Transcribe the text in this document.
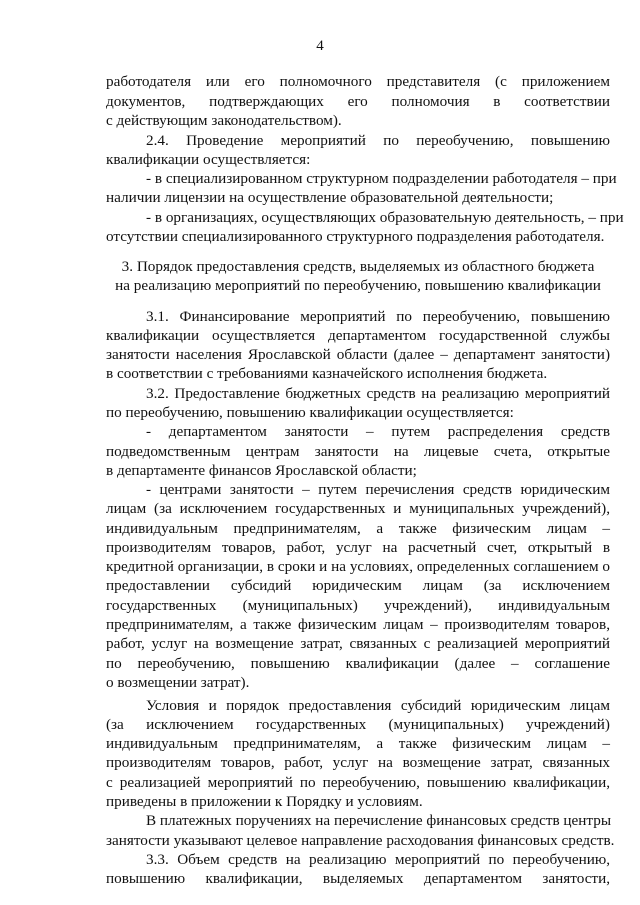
4
работодателя или его полномочного представителя (с приложением
документов, подтверждающих его полномочия в соответствии
с действующим законодательством).
2.4. Проведение мероприятий по переобучению, повышению
квалификации осуществляется:
- в специализированном структурном подразделении работодателя – при
наличии лицензии на осуществление образовательной деятельности;
- в организациях, осуществляющих образовательную деятельность, – при
отсутствии специализированного структурного подразделения работодателя.
3. Порядок предоставления средств, выделяемых из областного бюджета
на реализацию мероприятий по переобучению, повышению квалификации
3.1. Финансирование мероприятий по переобучению, повышению
квалификации осуществляется департаментом государственной службы
занятости населения Ярославской области (далее – департамент занятости)
в соответствии с требованиями казначейского исполнения бюджета.
3.2. Предоставление бюджетных средств на реализацию мероприятий
по переобучению, повышению квалификации осуществляется:
- департаментом занятости – путем распределения средств
подведомственным центрам занятости на лицевые счета, открытые
в департаменте финансов Ярославской области;
- центрами занятости – путем перечисления средств юридическим
лицам (за исключением государственных и муниципальных учреждений),
индивидуальным предпринимателям, а также физическим лицам –
производителям товаров, работ, услуг на расчетный счет, открытый в
кредитной организации, в сроки и на условиях, определенных соглашением о
предоставлении субсидий юридическим лицам (за исключением
государственных (муниципальных) учреждений), индивидуальным
предпринимателям, а также физическим лицам – производителям товаров,
работ, услуг на возмещение затрат, связанных с реализацией мероприятий
по переобучению, повышению квалификации (далее – соглашение
о возмещении затрат).
Условия и порядок предоставления субсидий юридическим лицам
(за исключением государственных (муниципальных) учреждений)
индивидуальным предпринимателям, а также физическим лицам –
производителям товаров, работ, услуг на возмещение затрат, связанных
с реализацией мероприятий по переобучению, повышению квалификации,
приведены в приложении к Порядку и условиям.
В платежных поручениях на перечисление финансовых средств центры
занятости указывают целевое направление расходования финансовых средств.
3.3. Объем средств на реализацию мероприятий по переобучению,
повышению квалификации, выделяемых департаментом занятости,
